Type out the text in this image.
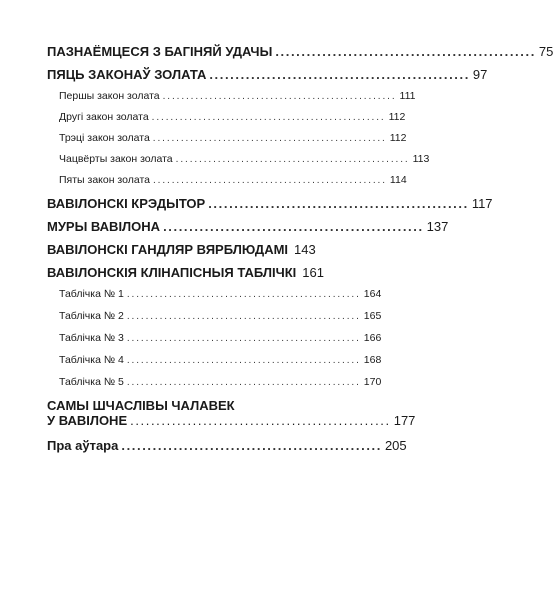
ПАЗНАЁМЦЕСЯ З БАГІНЯЙ УДАЧЫ .................................................. 75
ПЯЦЬ ЗАКОНАЎ ЗОЛАТА .................................................. 97
Першы закон золата .................................................. 111
Другі закон золата .................................................. 112
Трэці закон золата .................................................. 112
Чацвёрты закон золата .................................................. 113
Пяты закон золата .................................................. 114
ВАВІЛОНСКІ КРЭДЫТОР .................................................. 117
МУРЫ ВАВІЛОНА .................................................. 137
ВАВІЛОНСКІ ГАНДЛЯР ВЯРБЛЮДАМІ 143
ВАВІЛОНСКІЯ КЛІНАПІСНЫЯ ТАБЛІЧКІ 161
Таблічка № 1 .................................................. 164
Таблічка № 2 .................................................. 165
Таблічка № 3 .................................................. 166
Таблічка № 4 .................................................. 168
Таблічка № 5 .................................................. 170
САМЫ ШЧАСЛІВЫ ЧАЛАВЕК
У ВАВІЛОНЕ .................................................. 177
Пра аўтара .................................................. 205
